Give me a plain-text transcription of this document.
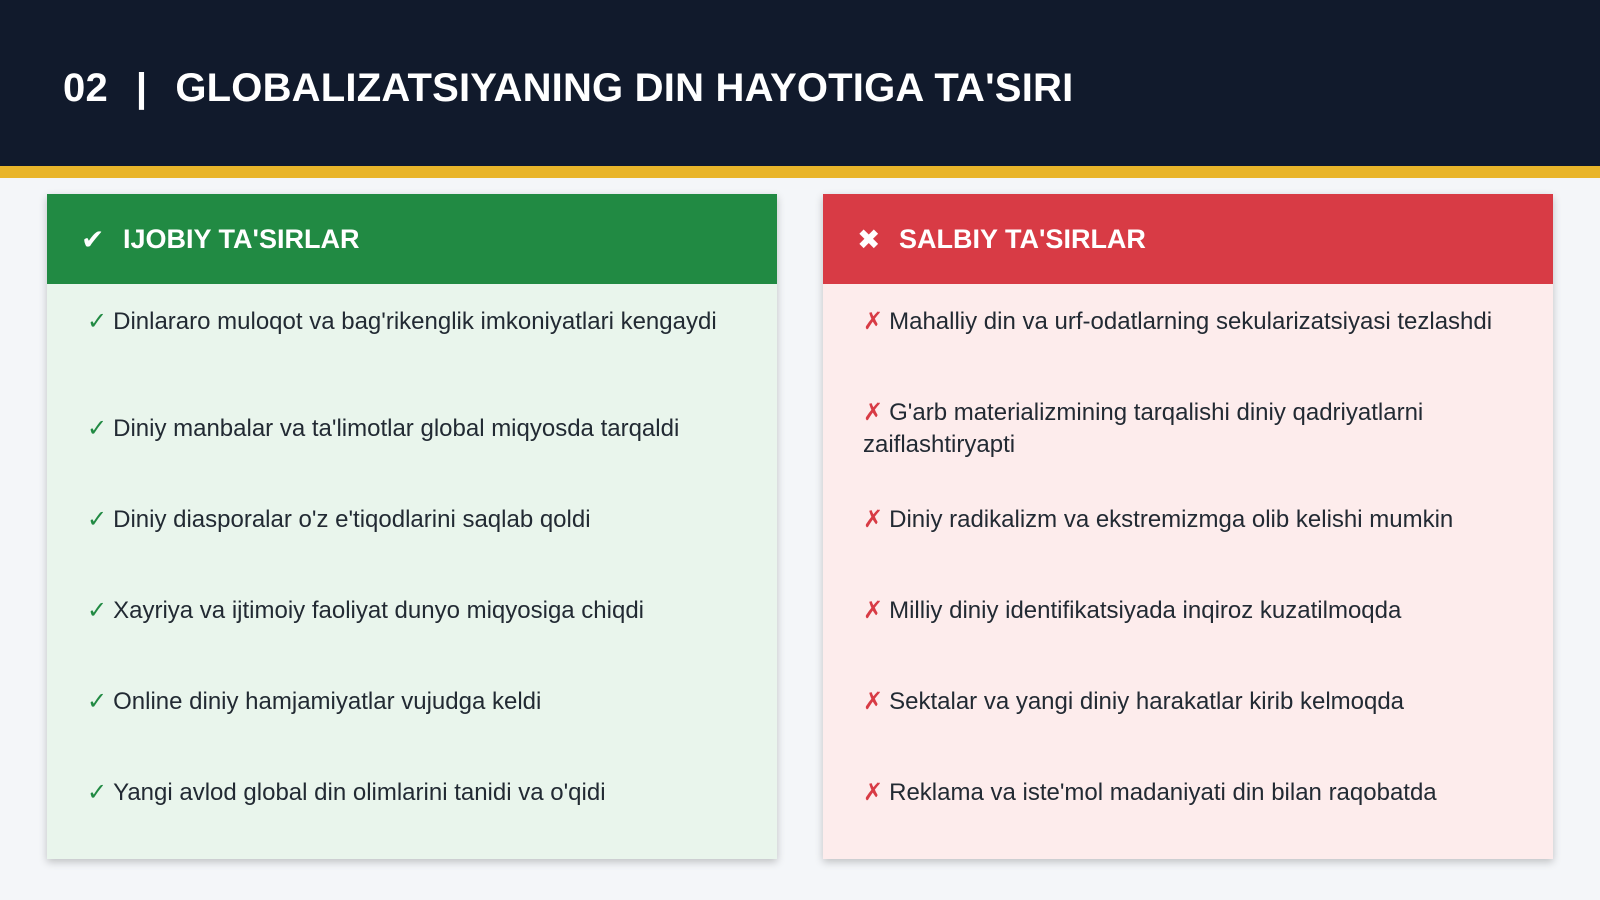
02 | GLOBALIZATSIYANING DIN HAYOTIGA TA'SIRI
✔ IJOBIY TA'SIRLAR
✓ Dinlararo muloqot va bag'rikenglik imkoniyatlari kengaydi
✓ Diniy manbalar va ta'limotlar global miqyosda tarqaldi
✓ Diniy diasporalar o'z e'tiqodlarini saqlab qoldi
✓ Xayriya va ijtimoiy faoliyat dunyo miqyosiga chiqdi
✓ Online diniy hamjamiyatlar vujudga keldi
✓ Yangi avlod global din olimlarini tanidi va o'qidi
✖ SALBIY TA'SIRLAR
✗ Mahalliy din va urf-odatlarning sekularizatsiyasi tezlashdi
✗ G'arb materializmining tarqalishi diniy qadriyatlarni zaiflashtiryapti
✗ Diniy radikalizm va ekstremizmga olib kelishi mumkin
✗ Milliy diniy identifikatsiyada inqiroz kuzatilmoqda
✗ Sektalar va yangi diniy harakatlar kirib kelmoqda
✗ Reklama va iste'mol madaniyati din bilan raqobatda
